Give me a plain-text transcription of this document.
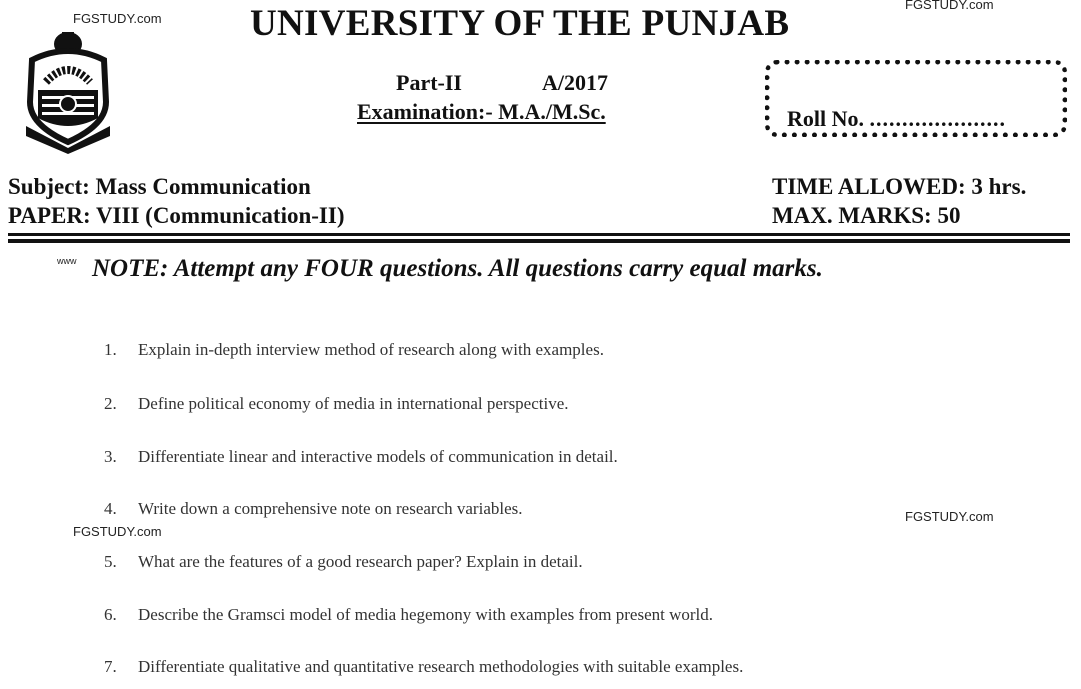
FGSTUDY.com
FGSTUDY.com
FGSTUDY.com
FGSTUDY.com
www
UNIVERSITY OF THE PUNJAB
Part-II	A/2017
Examination:- M.A./M.Sc.	Roll No. .....................
Subject: Mass Communication
PAPER: VIII (Communication-II)
TIME ALLOWED: 3 hrs.
MAX. MARKS: 50
NOTE: Attempt any FOUR questions. All questions carry equal marks.
1. Explain in-depth interview method of research along with examples.
2. Define political economy of media in international perspective.
3. Differentiate linear and interactive models of communication in detail.
4. Write down a comprehensive note on research variables.
5. What are the features of a good research paper? Explain in detail.
6. Describe the Gramsci model of media hegemony with examples from present world.
7. Differentiate qualitative and quantitative research methodologies with suitable examples.
